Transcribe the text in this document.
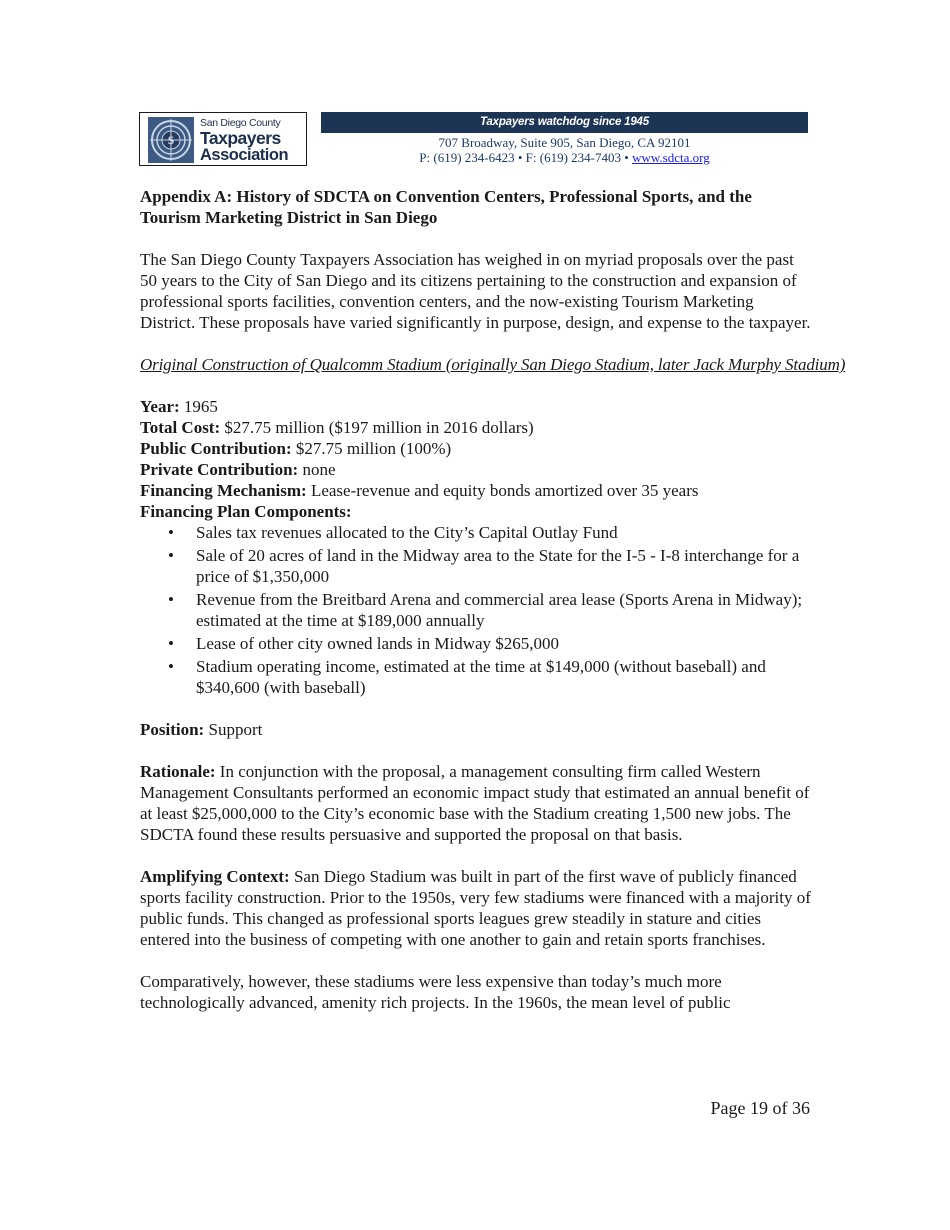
$
San Diego County
Taxpayers
Association
Taxpayers watchdog since 1945
707 Broadway, Suite 905, San Diego, CA 92101
P: (619) 234-6423 • F: (619) 234-7403 • www.sdcta.org

Appendix A: History of SDCTA on Convention Centers, Professional Sports, and the Tourism Marketing District in San Diego

The San Diego County Taxpayers Association has weighed in on myriad proposals over the past 50 years to the City of San Diego and its citizens pertaining to the construction and expansion of professional sports facilities, convention centers, and the now-existing Tourism Marketing District. These proposals have varied significantly in purpose, design, and expense to the taxpayer.

Original Construction of Qualcomm Stadium (originally San Diego Stadium, later Jack Murphy Stadium)

Year: 1965

Total Cost: $27.75 million ($197 million in 2016 dollars)

Public Contribution: $27.75 million (100%)

Private Contribution: none

Financing Mechanism: Lease-revenue and equity bonds amortized over 35 years

Financing Plan Components:

• Sales tax revenues allocated to the City’s Capital Outlay Fund
• Sale of 20 acres of land in the Midway area to the State for the I-5 - I-8 interchange for a price of $1,350,000
• Revenue from the Breitbard Arena and commercial area lease (Sports Arena in Midway); estimated at the time at $189,000 annually
• Lease of other city owned lands in Midway $265,000
• Stadium operating income, estimated at the time at $149,000 (without baseball) and $340,600 (with baseball)

Position: Support

Rationale: In conjunction with the proposal, a management consulting firm called Western Management Consultants performed an economic impact study that estimated an annual benefit of at least $25,000,000 to the City’s economic base with the Stadium creating 1,500 new jobs. The SDCTA found these results persuasive and supported the proposal on that basis.

Amplifying Context: San Diego Stadium was built in part of the first wave of publicly financed sports facility construction. Prior to the 1950s, very few stadiums were financed with a majority of public funds. This changed as professional sports leagues grew steadily in stature and cities entered into the business of competing with one another to gain and retain sports franchises.

Comparatively, however, these stadiums were less expensive than today’s much more technologically advanced, amenity rich projects. In the 1960s, the mean level of public

Page 19 of 36
